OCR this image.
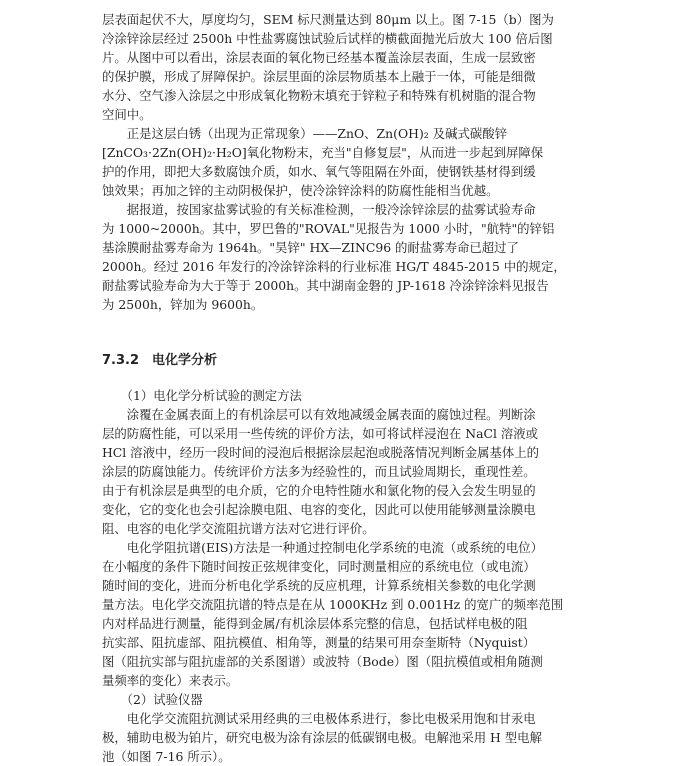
层表面起伏不大，厚度均匀，SEM 标尺测量达到 80μm 以上。图 7-15（b）图为
冷涂锌涂层经过 2500h 中性盐雾腐蚀试验后试样的横截面抛光后放大 100 倍后图
片。从图中可以看出，涂层表面的氧化物已经基本覆盖涂层表面，生成一层致密
的保护膜，形成了屏障保护。涂层里面的涂层物质基本上融于一体，可能是细微
水分、空气渗入涂层之中形成氧化物粉末填充于锌粒子和特殊有机树脂的混合物
空间中。
　　正是这层白锈（出现为正常现象）——ZnO、Zn(OH)₂ 及碱式碳酸锌
[ZnCO₃·2Zn(OH)₂·H₂O]氧化物粉末，充当"自修复层"，从而进一步起到屏障保
护的作用，即把大多数腐蚀介质，如水、氧气等阻隔在外面，使钢铁基材得到缓
蚀效果；再加之锌的主动阴极保护，使冷涂锌涂料的防腐性能相当优越。
　　据报道，按国家盐雾试验的有关标准检测，一般冷涂锌涂层的盐雾试验寿命
为 1000~2000h。其中，罗巴鲁的"ROVAL"见报告为 1000 小时，"航特"的锌铝
基涂膜耐盐雾寿命为 1964h。"昊锌" HX—ZINC96 的耐盐雾寿命已超过了
2000h。经过 2016 年发行的冷涂锌涂料的行业标准 HG/T 4845-2015 中的规定，
耐盐雾试验寿命为大于等于 2000h。其中湖南金磐的 JP-1618 冷涂锌涂料见报告
为 2500h，锌加为 9600h。
7.3.2　电化学分析
　　（1）电化学分析试验的测定方法
　　涂覆在金属表面上的有机涂层可以有效地减缓金属表面的腐蚀过程。判断涂
层的防腐性能，可以采用一些传统的评价方法，如可将试样浸泡在 NaCl 溶液或
HCl 溶液中，经历一段时间的浸泡后根据涂层起泡或脱落情况判断金属基体上的
涂层的防腐蚀能力。传统评价方法多为经验性的，而且试验周期长，重现性差。
由于有机涂层是典型的电介质，它的介电特性随水和氯化物的侵入会发生明显的
变化，它的变化也会引起涂膜电阻、电容的变化，因此可以使用能够测量涂膜电
阻、电容的电化学交流阻抗谱方法对它进行评价。
　　电化学阻抗谱(EIS)方法是一种通过控制电化学系统的电流（或系统的电位）
在小幅度的条件下随时间按正弦规律变化，同时测量相应的系统电位（或电流）
随时间的变化，进而分析电化学系统的反应机理，计算系统相关参数的电化学测
量方法。电化学交流阻抗谱的特点是在从 1000KHz 到 0.001Hz 的宽广的频率范围
内对样品进行测量，能得到金属/有机涂层体系完整的信息，包括试样电极的阻
抗实部、阻抗虚部、阻抗模值、相角等，测量的结果可用奈奎斯特（Nyquist）
图（阻抗实部与阻抗虚部的关系图谱）或波特（Bode）图（阻抗模值或相角随测
量频率的变化）来表示。
　　（2）试验仪器
　　电化学交流阻抗测试采用经典的三电极体系进行，参比电极采用饱和甘汞电
极，辅助电极为铂片，研究电极为涂有涂层的低碳钢电极。电解池采用 H 型电解
池（如图 7-16 所示）。
